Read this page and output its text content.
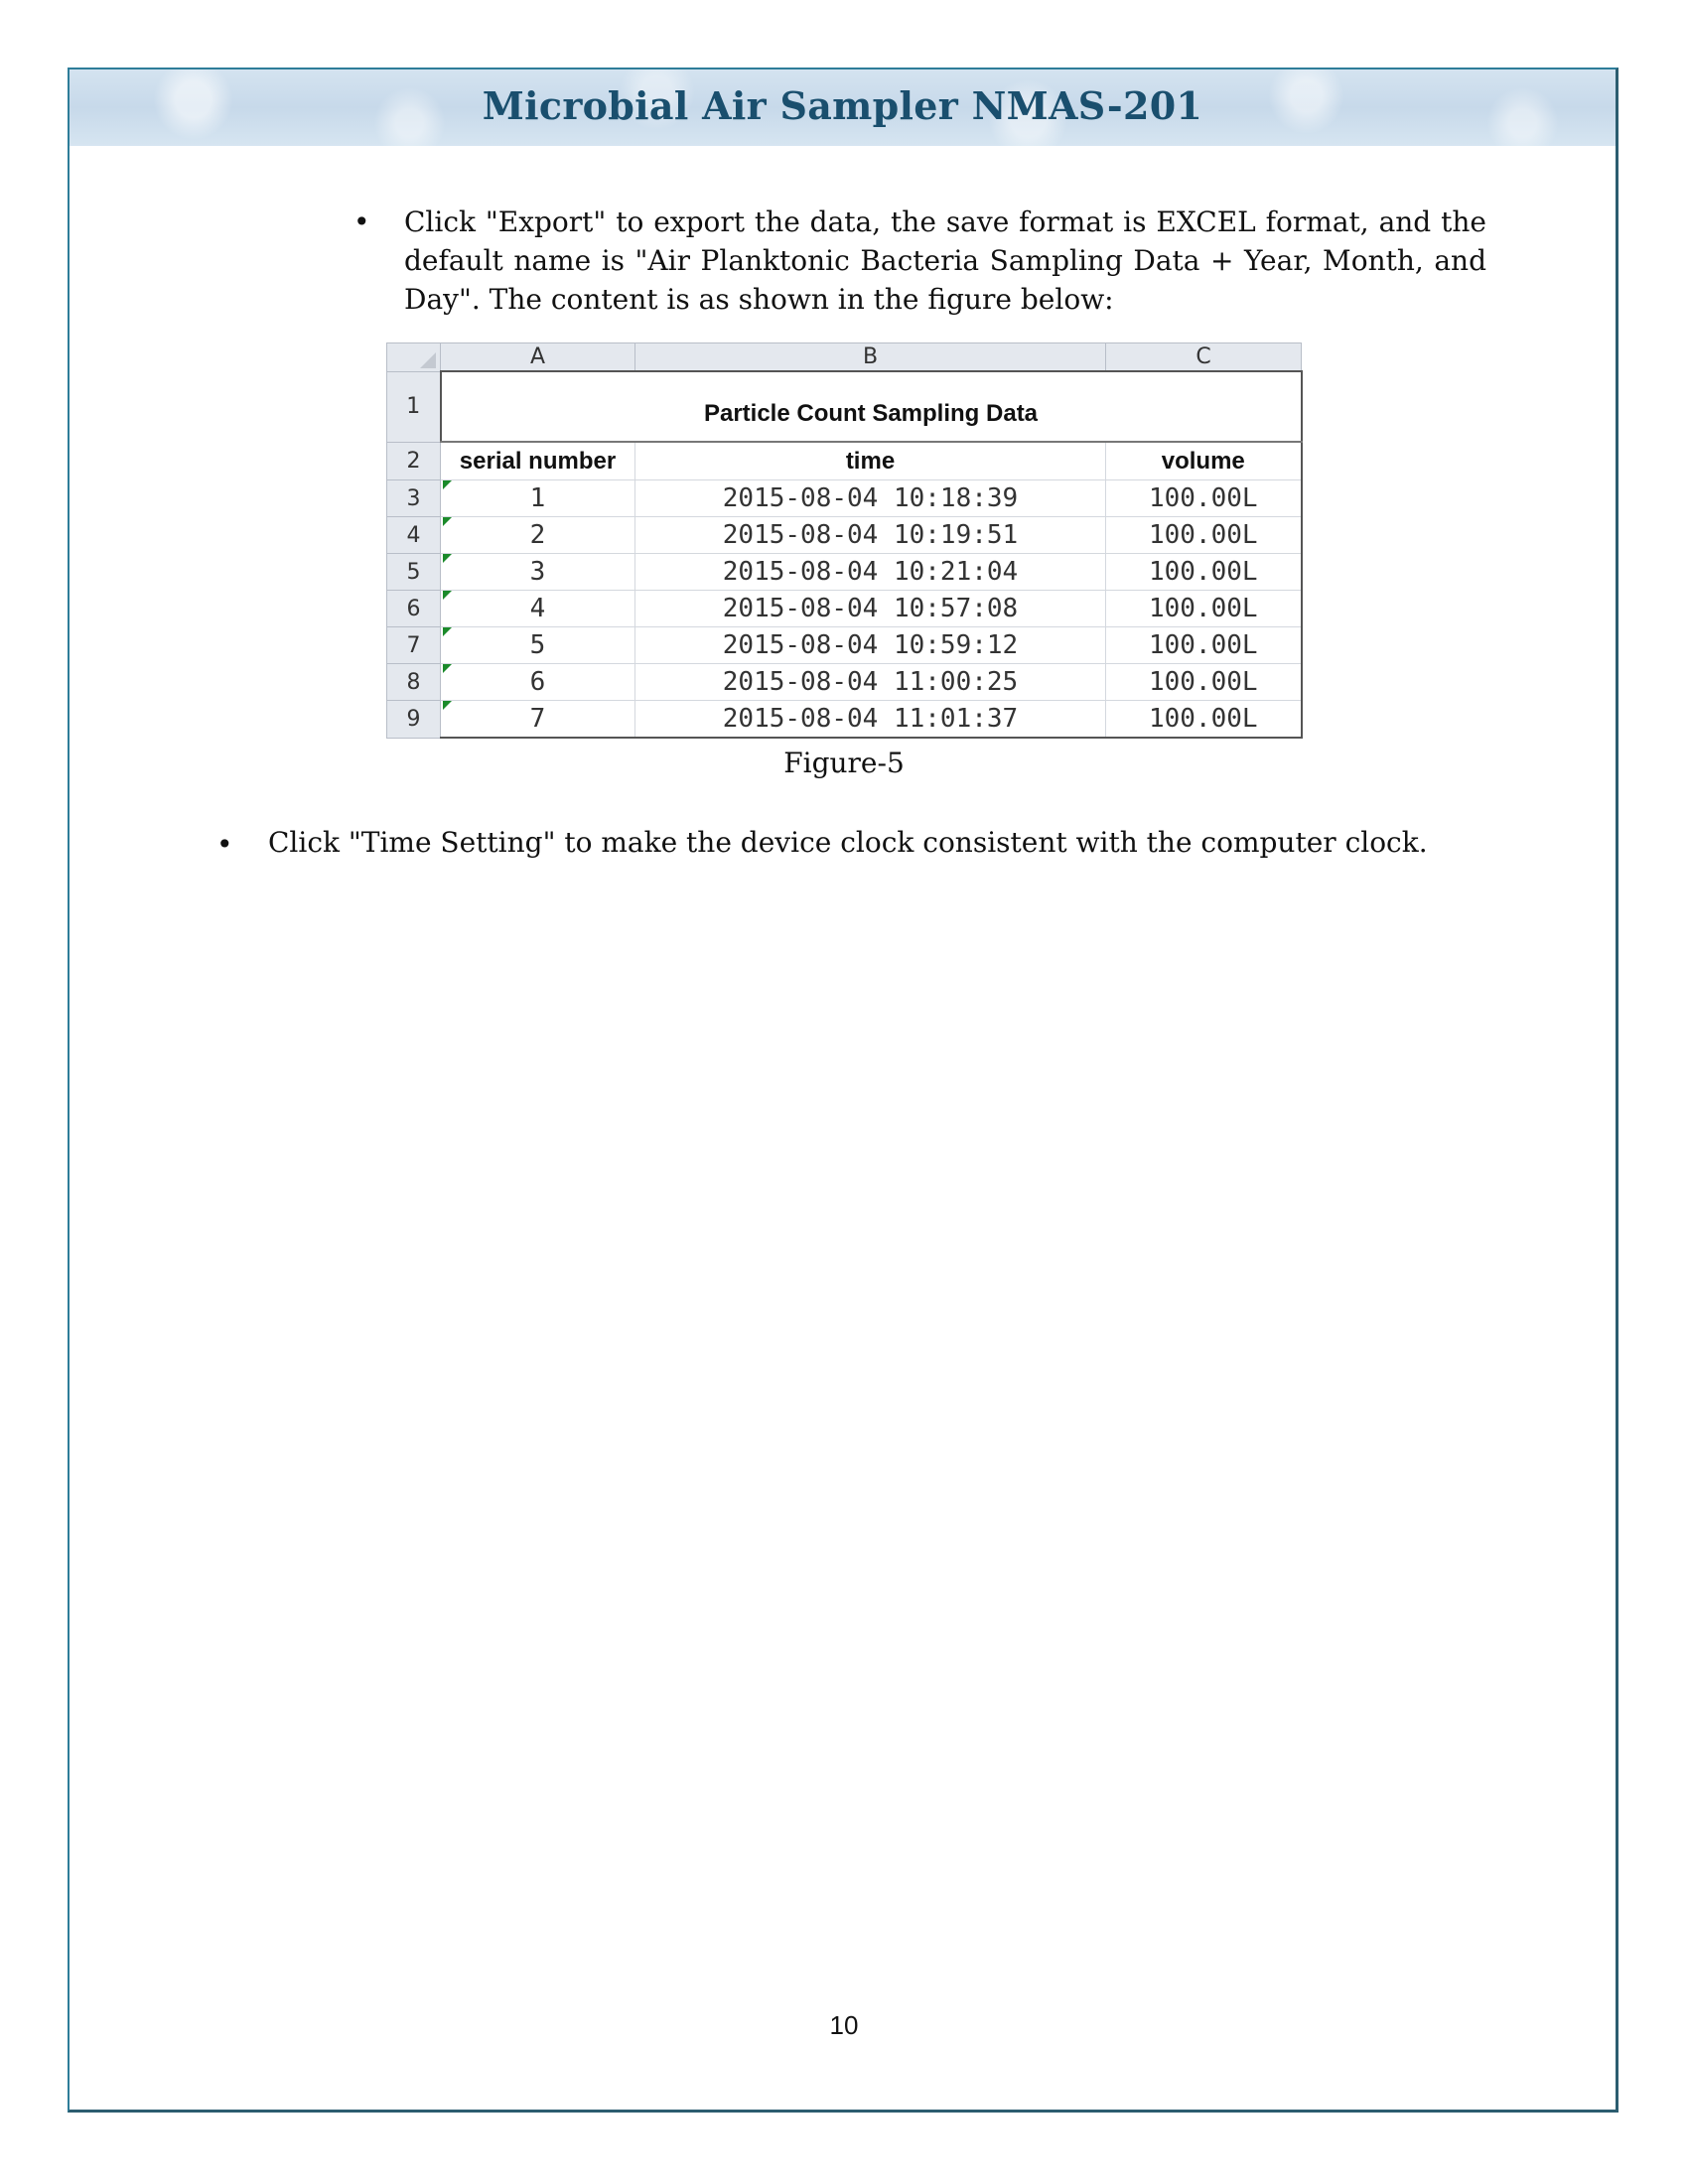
Microbial Air Sampler NMAS-201
• Click "Export" to export the data, the save format is EXCEL format, and the default name is "Air Planktonic Bacteria Sampling Data + Year, Month, and Day". The content is as shown in the figure below:
	A	B	C
1	Particle Count Sampling Data		
2	serial number	time	volume
3	1	2015-08-04 10:18:39	100.00L
4	2	2015-08-04 10:19:51	100.00L
5	3	2015-08-04 10:21:04	100.00L
6	4	2015-08-04 10:57:08	100.00L
7	5	2015-08-04 10:59:12	100.00L
8	6	2015-08-04 11:00:25	100.00L
9	7	2015-08-04 11:01:37	100.00L
Figure-5
• Click "Time Setting" to make the device clock consistent with the computer clock.
10
